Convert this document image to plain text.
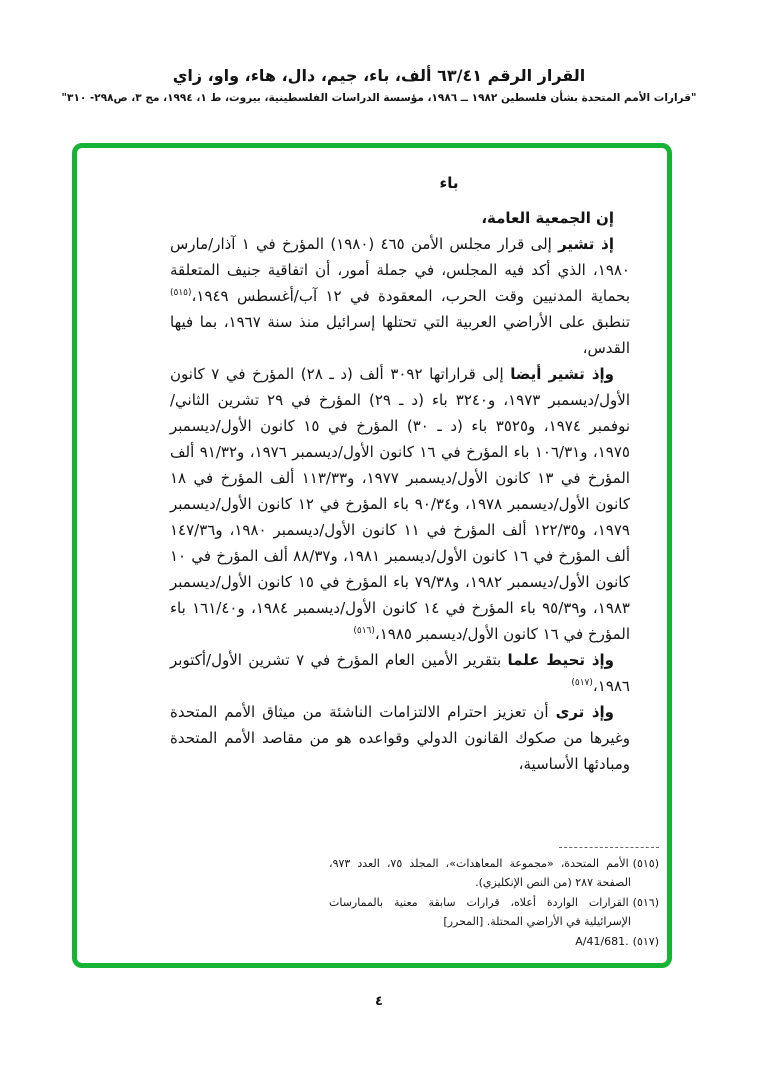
القرار الرقم ٦٣/٤١ ألف، باء، جيم، دال، هاء، واو، زاي

"قرارات الأمم المتحدة بشأن فلسطين ١٩٨٢ ــ ١٩٨٦، مؤسسة الدراسات الفلسطينية، بيروت، ط ١، ١٩٩٤، مج ٣، ص٢٩٨- ٣١٠"

باء

إن الجمعية العامة،

إذ تشير إلى قرار مجلس الأمن ٤٦٥ (١٩٨٠) المؤرخ في ١ آذار/مارس ١٩٨٠، الذي أكد فيه المجلس، في جملة أمور، أن اتفاقية جنيف المتعلقة بحماية المدنيين وقت الحرب، المعقودة في ١٢ آب/أغسطس ١٩٤٩،$^{(٥١٥)}$ تنطبق على الأراضي العربية التي تحتلها إسرائيل منذ سنة ١٩٦٧، بما فيها القدس،

وإذ تشير أيضا إلى قراراتها ٣٠٩٢ ألف (د ـ ٢٨) المؤرخ في ٧ كانون الأول/ديسمبر ١٩٧٣، و٣٢٤٠ باء (د ـ ٢٩) المؤرخ في ٢٩ تشرين الثاني/نوفمبر ١٩٧٤، و٣٥٢٥ باء (د ـ ٣٠) المؤرخ في ١٥ كانون الأول/ديسمبر ١٩٧٥، و١٠٦/٣١ باء المؤرخ في ١٦ كانون الأول/ديسمبر ١٩٧٦، و٩١/٣٢ ألف المؤرخ في ١٣ كانون الأول/ديسمبر ١٩٧٧، و١١٣/٣٣ ألف المؤرخ في ١٨ كانون الأول/ديسمبر ١٩٧٨، و٩٠/٣٤ باء المؤرخ في ١٢ كانون الأول/ديسمبر ١٩٧٩، و١٢٢/٣٥ ألف المؤرخ في ١١ كانون الأول/ديسمبر ١٩٨٠، و١٤٧/٣٦ ألف المؤرخ في ١٦ كانون الأول/ديسمبر ١٩٨١، و٨٨/٣٧ ألف المؤرخ في ١٠ كانون الأول/ديسمبر ١٩٨٢، و٧٩/٣٨ باء المؤرخ في ١٥ كانون الأول/ديسمبر ١٩٨٣، و٩٥/٣٩ باء المؤرخ في ١٤ كانون الأول/ديسمبر ١٩٨٤، و١٦١/٤٠ باء المؤرخ في ١٦ كانون الأول/ديسمبر ١٩٨٥،$^{(٥١٦)}$

وإذ تحيط علما بتقرير الأمين العام المؤرخ في ٧ تشرين الأول/أكتوبر ١٩٨٦،$^{(٥١٧)}$

وإذ ترى أن تعزيز احترام الالتزامات الناشئة من ميثاق الأمم المتحدة وغيرها من صكوك القانون الدولي وقواعده هو من مقاصد الأمم المتحدة ومبادئها الأساسية،

(٥١٥)الأمم المتحدة، «مجموعة المعاهدات»، المجلد ٧٥، العدد ٩٧٣، الصفحة ٢٨٧ (من النص الإنكليزي).

(٥١٦)القرارات الواردة أعلاه، قرارات سابقة معنية بالممارسات الإسرائيلية في الأراضي المحتلة. [المحرر]

(٥١٧)A/41/681.

٤
